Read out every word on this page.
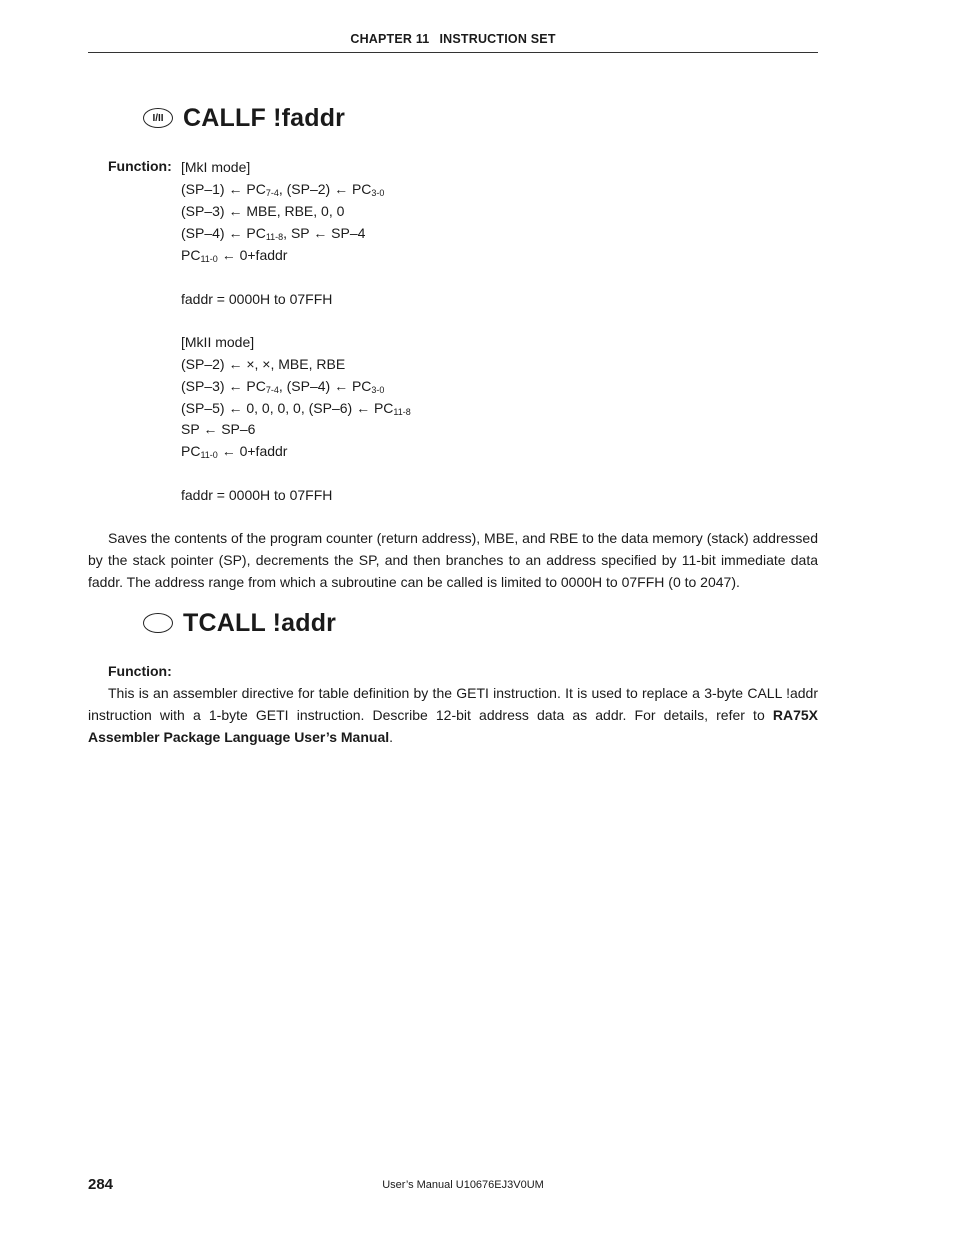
CHAPTER 11 INSTRUCTION SET
I/II CALLF !faddr
Function: [MkI mode]
(SP–1) ← $PC_{7-4}$, (SP–2) ← $PC_{3-0}$
(SP–3) ← MBE, RBE, 0, 0
(SP–4) ← $PC_{11-8}$, SP ← SP–4
$PC_{11-0}$ ← 0+faddr
faddr = 0000H to 07FFH
[MkII mode]
(SP–2) ← ×, ×, MBE, RBE
(SP–3) ← $PC_{7-4}$, (SP–4) ← $PC_{3-0}$
(SP–5) ← 0, 0, 0, 0, (SP–6) ← $PC_{11-8}$
SP ← SP–6
$PC_{11-0}$ ← 0+faddr
faddr = 0000H to 07FFH
Saves the contents of the program counter (return address), MBE, and RBE to the data memory (stack) addressed by the stack pointer (SP), decrements the SP, and then branches to an address specified by 11-bit immediate data faddr. The address range from which a subroutine can be called is limited to 0000H to 07FFH (0 to 2047).
TCALL !addr
Function:
This is an assembler directive for table definition by the GETI instruction. It is used to replace a 3-byte CALL !addr instruction with a 1-byte GETI instruction. Describe 12-bit address data as addr. For details, refer to RA75X Assembler Package Language User’s Manual.
284	User’s Manual U10676EJ3V0UM
